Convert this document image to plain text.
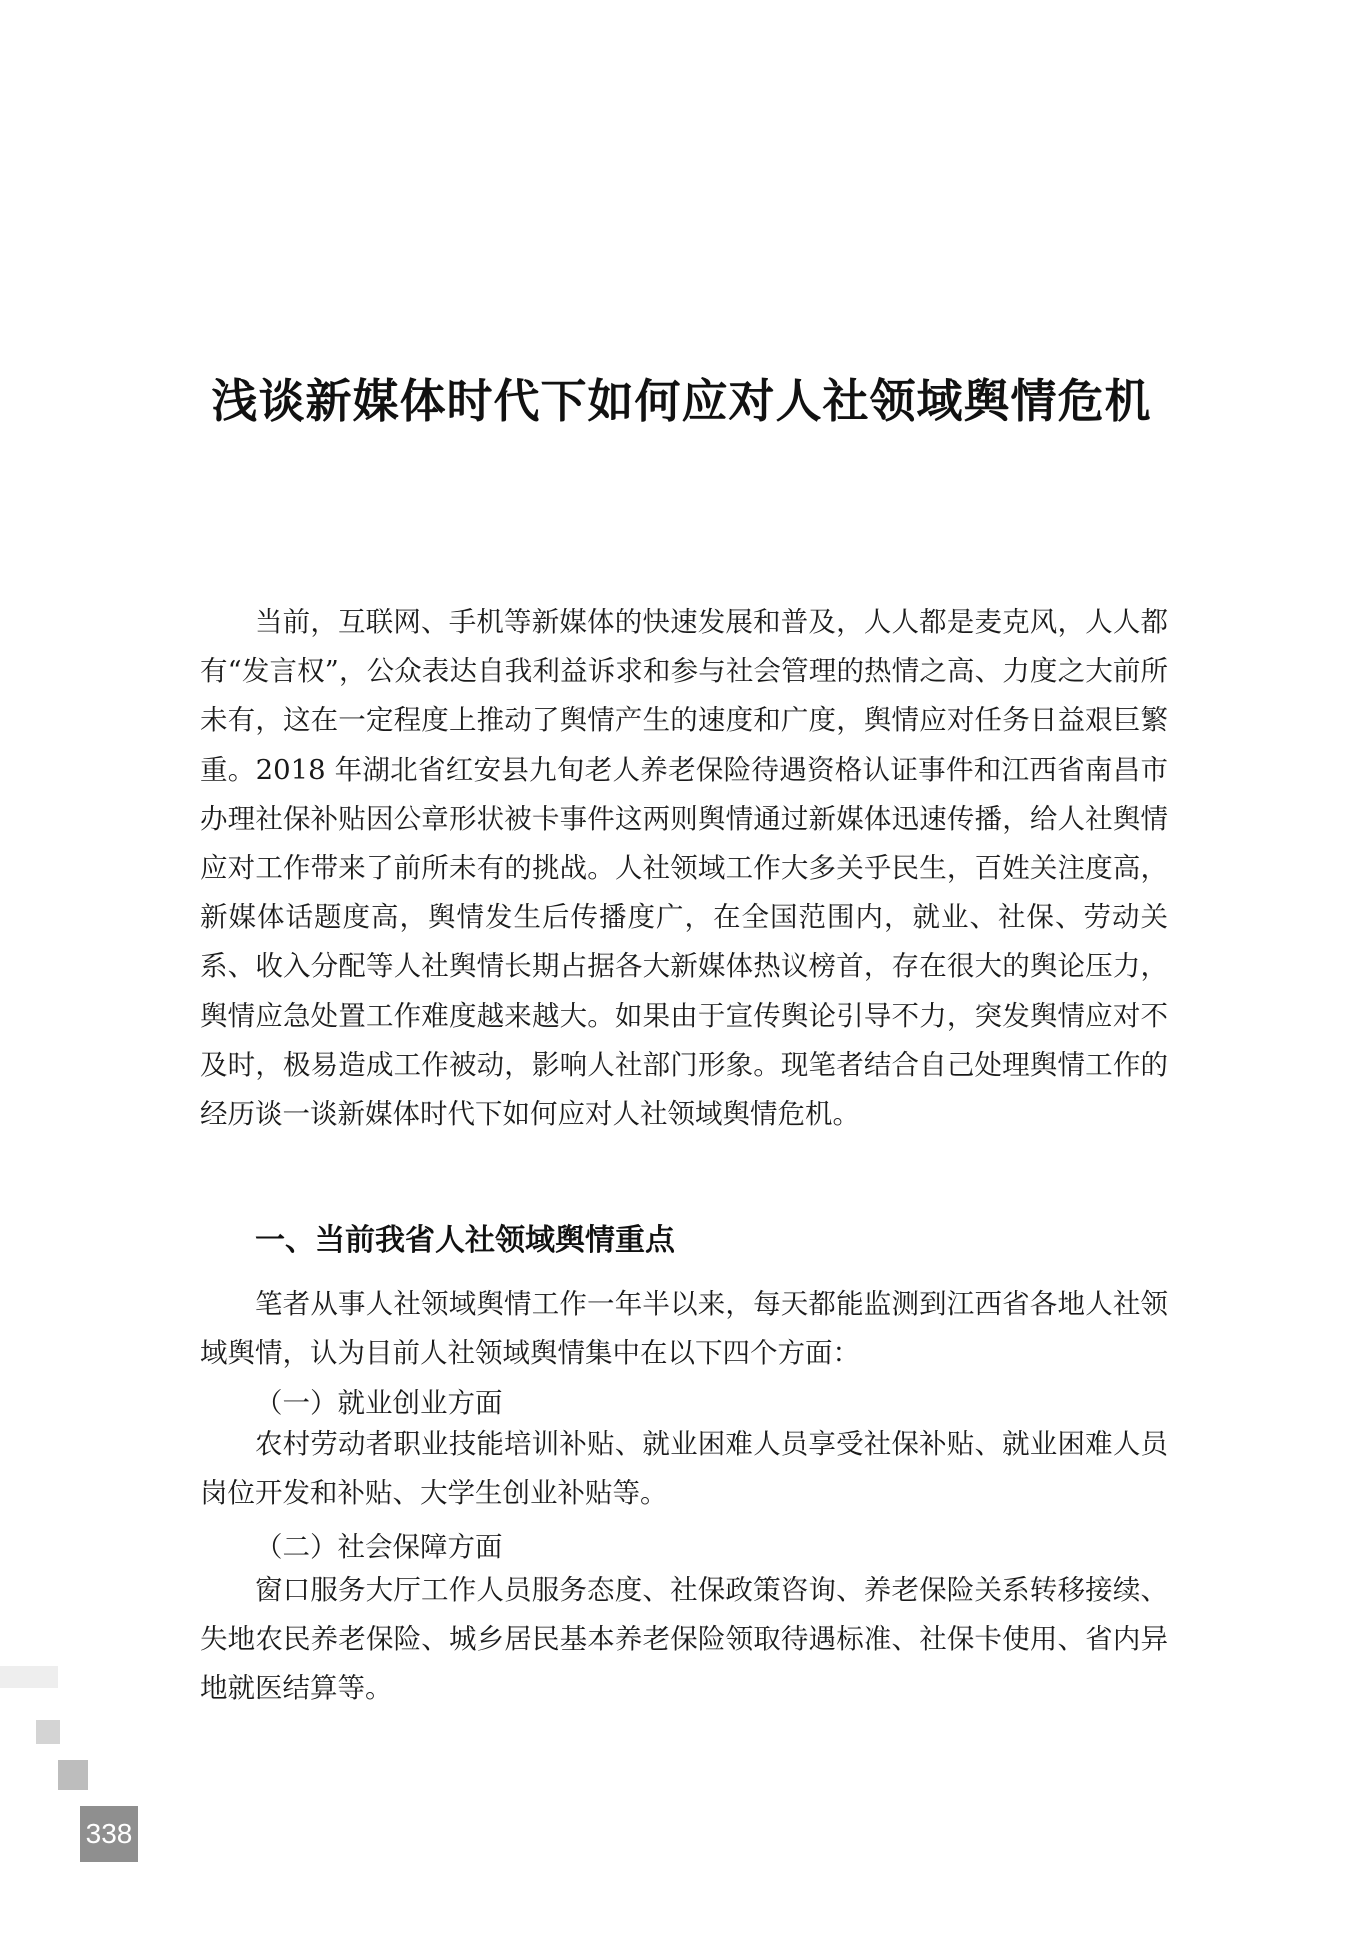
浅谈新媒体时代下如何应对人社领域舆情危机

当前，互联网、手机等新媒体的快速发展和普及，人人都是麦克风，人人都有“发言权”，公众表达自我利益诉求和参与社会管理的热情之高、力度之大前所未有，这在一定程度上推动了舆情产生的速度和广度，舆情应对任务日益艰巨繁重。2018 年湖北省红安县九旬老人养老保险待遇资格认证事件和江西省南昌市办理社保补贴因公章形状被卡事件这两则舆情通过新媒体迅速传播，给人社舆情应对工作带来了前所未有的挑战。人社领域工作大多关乎民生，百姓关注度高，新媒体话题度高，舆情发生后传播度广，在全国范围内，就业、社保、劳动关系、收入分配等人社舆情长期占据各大新媒体热议榜首，存在很大的舆论压力，舆情应急处置工作难度越来越大。如果由于宣传舆论引导不力，突发舆情应对不及时，极易造成工作被动，影响人社部门形象。现笔者结合自己处理舆情工作的经历谈一谈新媒体时代下如何应对人社领域舆情危机。

一、当前我省人社领域舆情重点

笔者从事人社领域舆情工作一年半以来，每天都能监测到江西省各地人社领域舆情，认为目前人社领域舆情集中在以下四个方面：

（一）就业创业方面

农村劳动者职业技能培训补贴、就业困难人员享受社保补贴、就业困难人员岗位开发和补贴、大学生创业补贴等。

（二）社会保障方面

窗口服务大厅工作人员服务态度、社保政策咨询、养老保险关系转移接续、失地农民养老保险、城乡居民基本养老保险领取待遇标准、社保卡使用、省内异地就医结算等。

338
